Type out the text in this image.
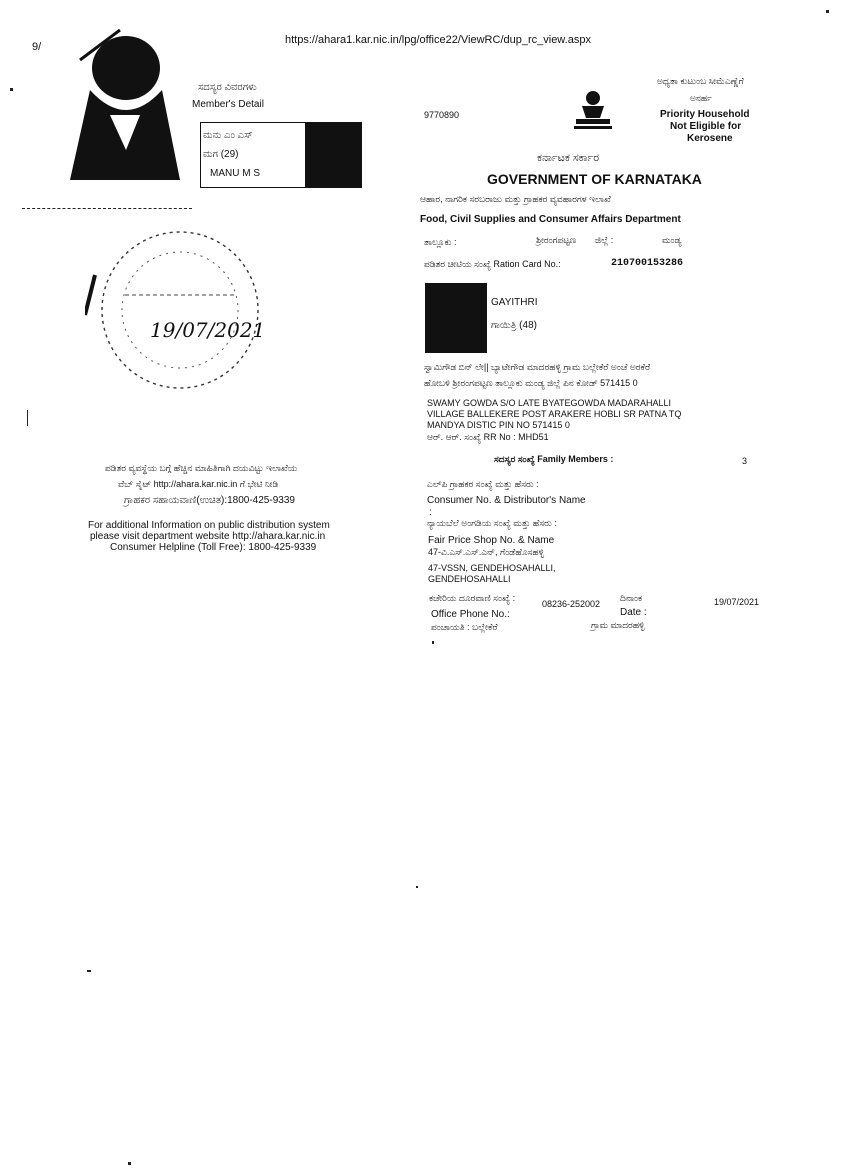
9/
https://ahara1.kar.nic.in/lpg/office22/ViewRC/dup_rc_view.aspx
ಸದಸ್ಯರ ವಿವರಗಳು
Member's Detail
ಮನು ಎಂ ಎಸ್
ಮಗ (29)
MANU M S
19/07/2021
ಪಡಿತರ ವ್ಯವಸ್ಥೆಯ ಬಗ್ಗೆ ಹೆಚ್ಚಿನ ಮಾಹಿತಿಗಾಗಿ ದಯವಿಟ್ಟು ಇಲಾಖೆಯ
ವೆಬ್ ಸೈಟ್ http://ahara.kar.nic.in ಗೆ ಭೇಟಿ ನೀಡಿ
ಗ್ರಾಹಕರ ಸಹಾಯವಾಣಿ(ಉಚಿತ):1800-425-9339
For additional Information on public distribution system
please visit department website http://ahara.kar.nic.in
Consumer Helpline (Toll Free): 1800-425-9339
9770890
ಅಧ್ಯತಾ ಕುಟುಂಬ ಸೀಮೆಎಣ್ಣೆಗೆ
ಅನರ್ಹ
Priority Household
Not Eligible for
Kerosene
ಕರ್ನಾಟಕ ಸರ್ಕಾರ
GOVERNMENT OF KARNATAKA
ಆಹಾರ, ನಾಗರಿಕ ಸರಬರಾಜು ಮತ್ತು ಗ್ರಾಹಕರ ವ್ಯವಹಾರಗಳ ಇಲಾಖೆ
Food, Civil Supplies and Consumer Affairs Department
ತಾಲ್ಲೂಕು :	ಶ್ರೀರಂಗಪಟ್ಟಣ ಜಿಲ್ಲೆ :	ಮಂಡ್ಯ
ಪಡಿತರ ಚೀಟಿಯ ಸಂಖ್ಯೆ Ration Card No.:	210700153286
GAYITHRI
ಗಾಯಿತ್ರಿ (48)
ಸ್ವಾಮಿಗೌಡ ಬಿನ್ ಲೇ|| ಬ್ಯಾಟೇಗೌಡ ಮಾದರಹಳ್ಳಿ ಗ್ರಾಮ ಬಲ್ಲೇಕೆರೆ ಅಂಚೆ ಅರಕೆರೆ
ಹೋಬಳಿ ಶ್ರೀರಂಗಪಟ್ಟಣ ತಾಲ್ಲೂಕು ಮಂಡ್ಯ ಜಿಲ್ಲೆ ಪಿನ ಕೋಡ್ 571415 0
SWAMY GOWDA S/O LATE BYATEGOWDA MADARAHALLI
VILLAGE BALLEKERE POST ARAKERE HOBLI SR PATNA TQ
MANDYA DISTIC PIN NO 571415 0
ಆರ್. ಆರ್. ಸಂಖ್ಯೆ RR No : MHD51
ಸದಸ್ಯರ ಸಂಖ್ಯೆ Family Members :	3
ಎಲ್‌ಪಿ ಗ್ರಾಹಕರ ಸಂಖ್ಯೆ ಮತ್ತು ಹೆಸರು :
Consumer No. & Distributor's Name
:
ನ್ಯಾಯಬೆಲೆ ಅಂಗಡಿಯ ಸಂಖ್ಯೆ ಮತ್ತು ಹೆಸರು :
Fair Price Shop No. & Name
47-ವಿ.ಎಸ್.ಎಸ್.ಎನ್, ಗೆಂಡೆಹೊಸಹಳ್ಳಿ
47-VSSN, GENDEHOSAHALLI,
GENDEHOSAHALLI
ಕಚೇರಿಯ ದೂರವಾಣಿ ಸಂಖ್ಯೆ :
08236-252002
ದಿನಾಂಕ	19/07/2021
Office Phone No.:	Date :
ಪಂಚಾಯತಿ : ಬಲ್ಲೇಕೆರೆ	ಗ್ರಾಮ ಮಾದರಹಳ್ಳಿ
